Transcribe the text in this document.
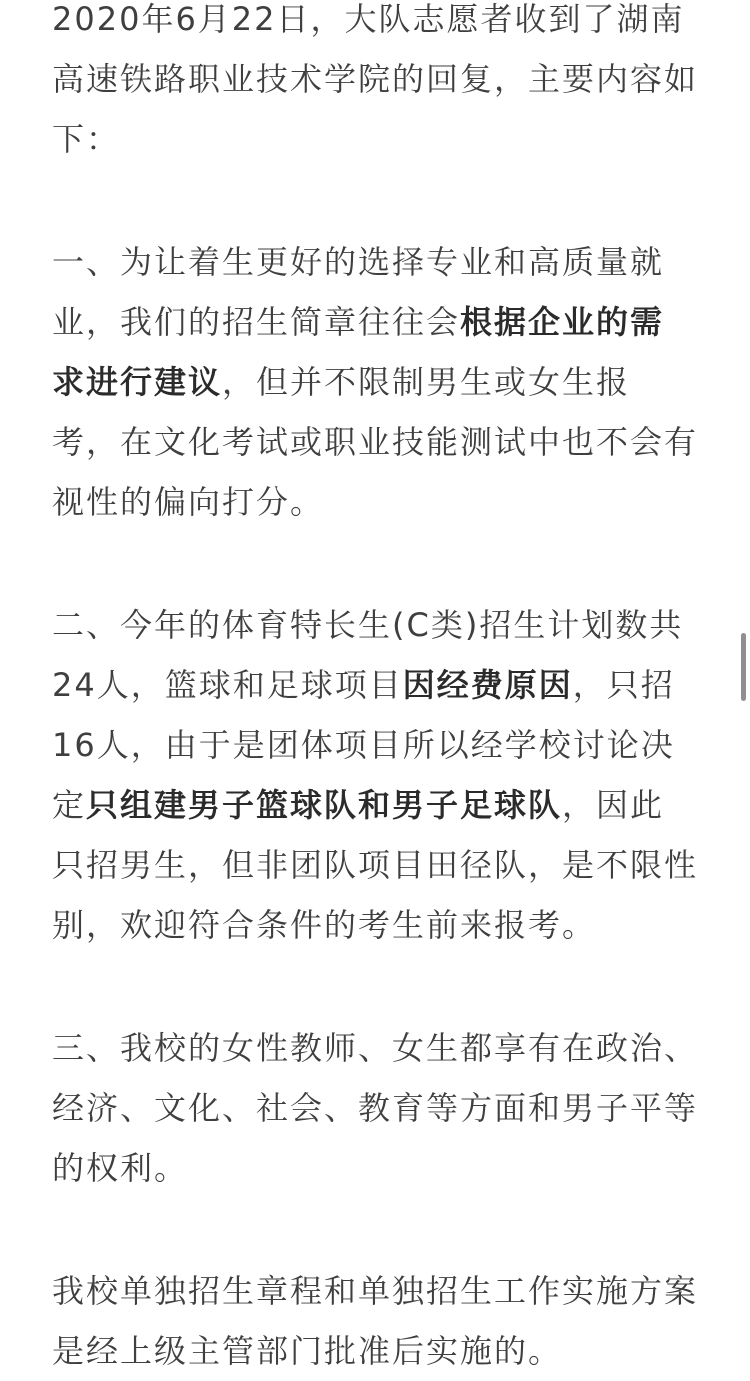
2020年6月22日，大队志愿者收到了湖南高速铁路职业技术学院的回复，主要内容如下：

一、为让着生更好的选择专业和高质量就业，我们的招生简章往往会根据企业的需求进行建议，但并不限制男生或女生报考，在文化考试或职业技能测试中也不会有视性的偏向打分。

二、今年的体育特长生(C类)招生计划数共24人，篮球和足球项目因经费原因，只招16人，由于是团体项目所以经学校讨论决定只组建男子篮球队和男子足球队，因此只招男生，但非团队项目田径队，是不限性别，欢迎符合条件的考生前来报考。

三、我校的女性教师、女生都享有在政治、经济、文化、社会、教育等方面和男子平等的权利。

我校单独招生章程和单独招生工作实施方案是经上级主管部门批准后实施的。
